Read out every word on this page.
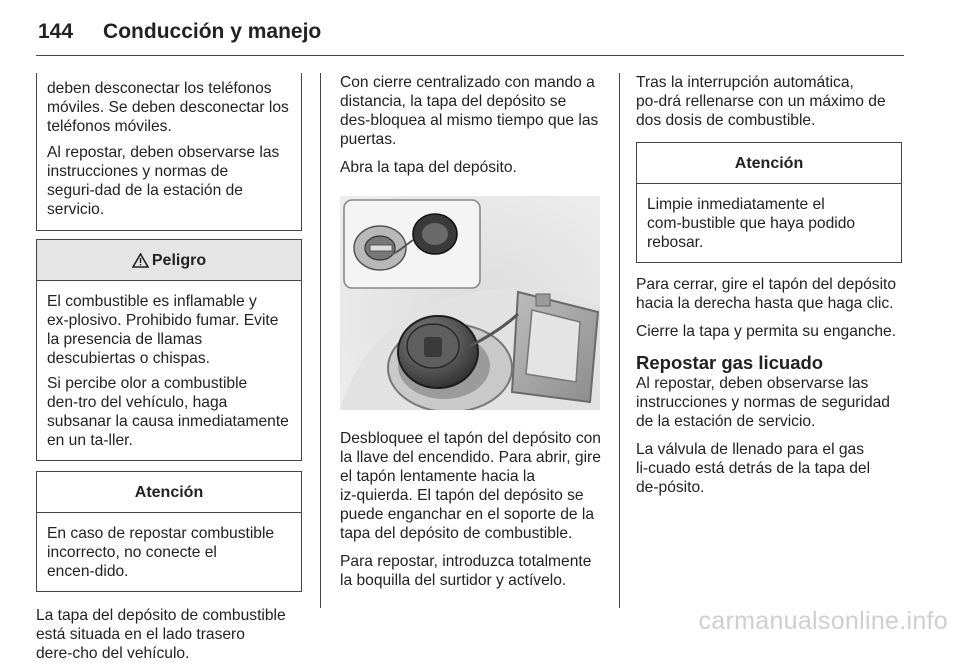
144 Conducción y manejo

deben desconectar los teléfonos móviles. Se deben desconectar los teléfonos móviles.

Al repostar, deben observarse las instrucciones y normas de seguri‑dad de la estación de servicio.

Peligro

El combustible es inflamable y ex‑plosivo. Prohibido fumar. Evite la presencia de llamas descubiertas o chispas.

Si percibe olor a combustible den‑tro del vehículo, haga subsanar la causa inmediatamente en un ta‑ller.

Atención

En caso de repostar combustible incorrecto, no conecte el encen‑dido.

La tapa del depósito de combustible está situada en el lado trasero dere‑cho del vehículo.

Con cierre centralizado con mando a distancia, la tapa del depósito se des‑bloquea al mismo tiempo que las puertas.

Abra la tapa del depósito.

Desbloquee el tapón del depósito con la llave del encendido. Para abrir, gire el tapón lentamente hacia la iz‑quierda. El tapón del depósito se puede enganchar en el soporte de la tapa del depósito de combustible.

Para repostar, introduzca totalmente la boquilla del surtidor y actívelo.

Tras la interrupción automática, po‑drá rellenarse con un máximo de dos dosis de combustible.

Atención

Limpie inmediatamente el com‑bustible que haya podido rebosar.

Para cerrar, gire el tapón del depósito hacia la derecha hasta que haga clic.

Cierre la tapa y permita su enganche.

Repostar gas licuado

Al repostar, deben observarse las instrucciones y normas de seguridad de la estación de servicio.

La válvula de llenado para el gas li‑cuado está detrás de la tapa del de‑pósito.

carmanualsonline.info
